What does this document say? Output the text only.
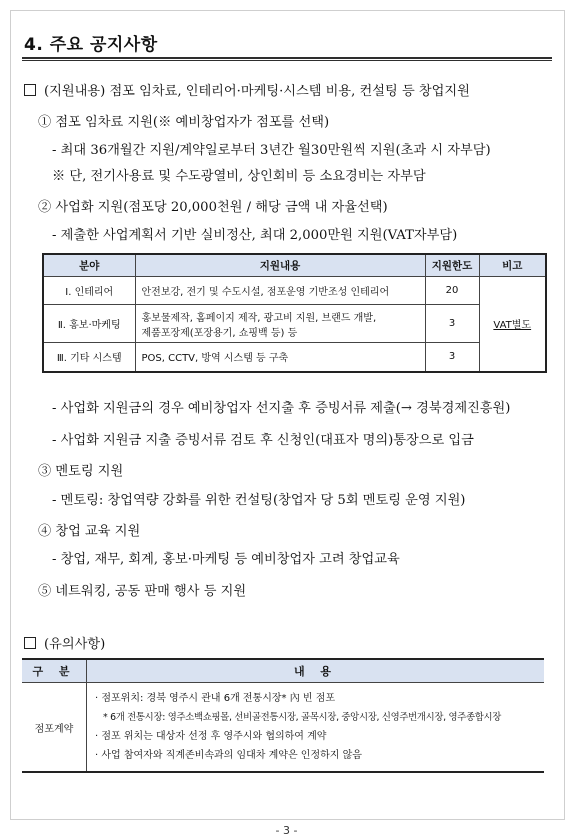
4. 주요 공지사항
(지원내용) 점포 임차료, 인테리어·마케팅·시스템 비용, 컨설팅 등 창업지원
① 점포 임차료 지원(※ 예비창업자가 점포를 선택)
- 최대 36개월간 지원/계약일로부터 3년간 월30만원씩 지원(초과 시 자부담)
※ 단, 전기사용료 및 수도광열비, 상인회비 등 소요경비는 자부담
② 사업화 지원(점포당 20,000천원 / 해당 금액 내 자율선택)
- 제출한 사업계획서 기반 실비정산, 최대 2,000만원 지원(VAT자부담)
분야	지원내용	지원한도	비고
Ⅰ. 인테리어	안전보강, 전기 및 수도시설, 점포운영 기반조성 인테리어	20	VAT별도
Ⅱ. 홍보·마케팅	홍보물제작, 홈페이지 제작, 광고비 지원, 브랜드 개발,
제품포장제(포장용기, 쇼핑백 등) 등	3	
Ⅲ. 기타 시스템	POS, CCTV, 방역 시스템 등 구축	3	
- 사업화 지원금의 경우 예비창업자 선지출 후 증빙서류 제출(→ 경북경제진흥원)
- 사업화 지원금 지출 증빙서류 검토 후 신청인(대표자 명의)통장으로 입금
③ 멘토링 지원
- 멘토링: 창업역량 강화를 위한 컨설팅(창업자 당 5회 멘토링 운영 지원)
④ 창업 교육 지원
- 창업, 재무, 회계, 홍보·마케팅 등 예비창업자 고려 창업교육
⑤ 네트워킹, 공동 판매 행사 등 지원
(유의사항)
구 분	내 용
점포계약	· 점포위치: 경북 영주시 관내 6개 전통시장* 內 빈 점포
* 6개 전통시장: 영주소백쇼핑몰, 선비골전통시장, 골목시장, 중앙시장, 신영주번개시장, 영주종합시장
· 점포 위치는 대상자 선정 후 영주시와 협의하여 계약
· 사업 참여자와 직계존비속과의 임대차 계약은 인정하지 않음
- 3 -
